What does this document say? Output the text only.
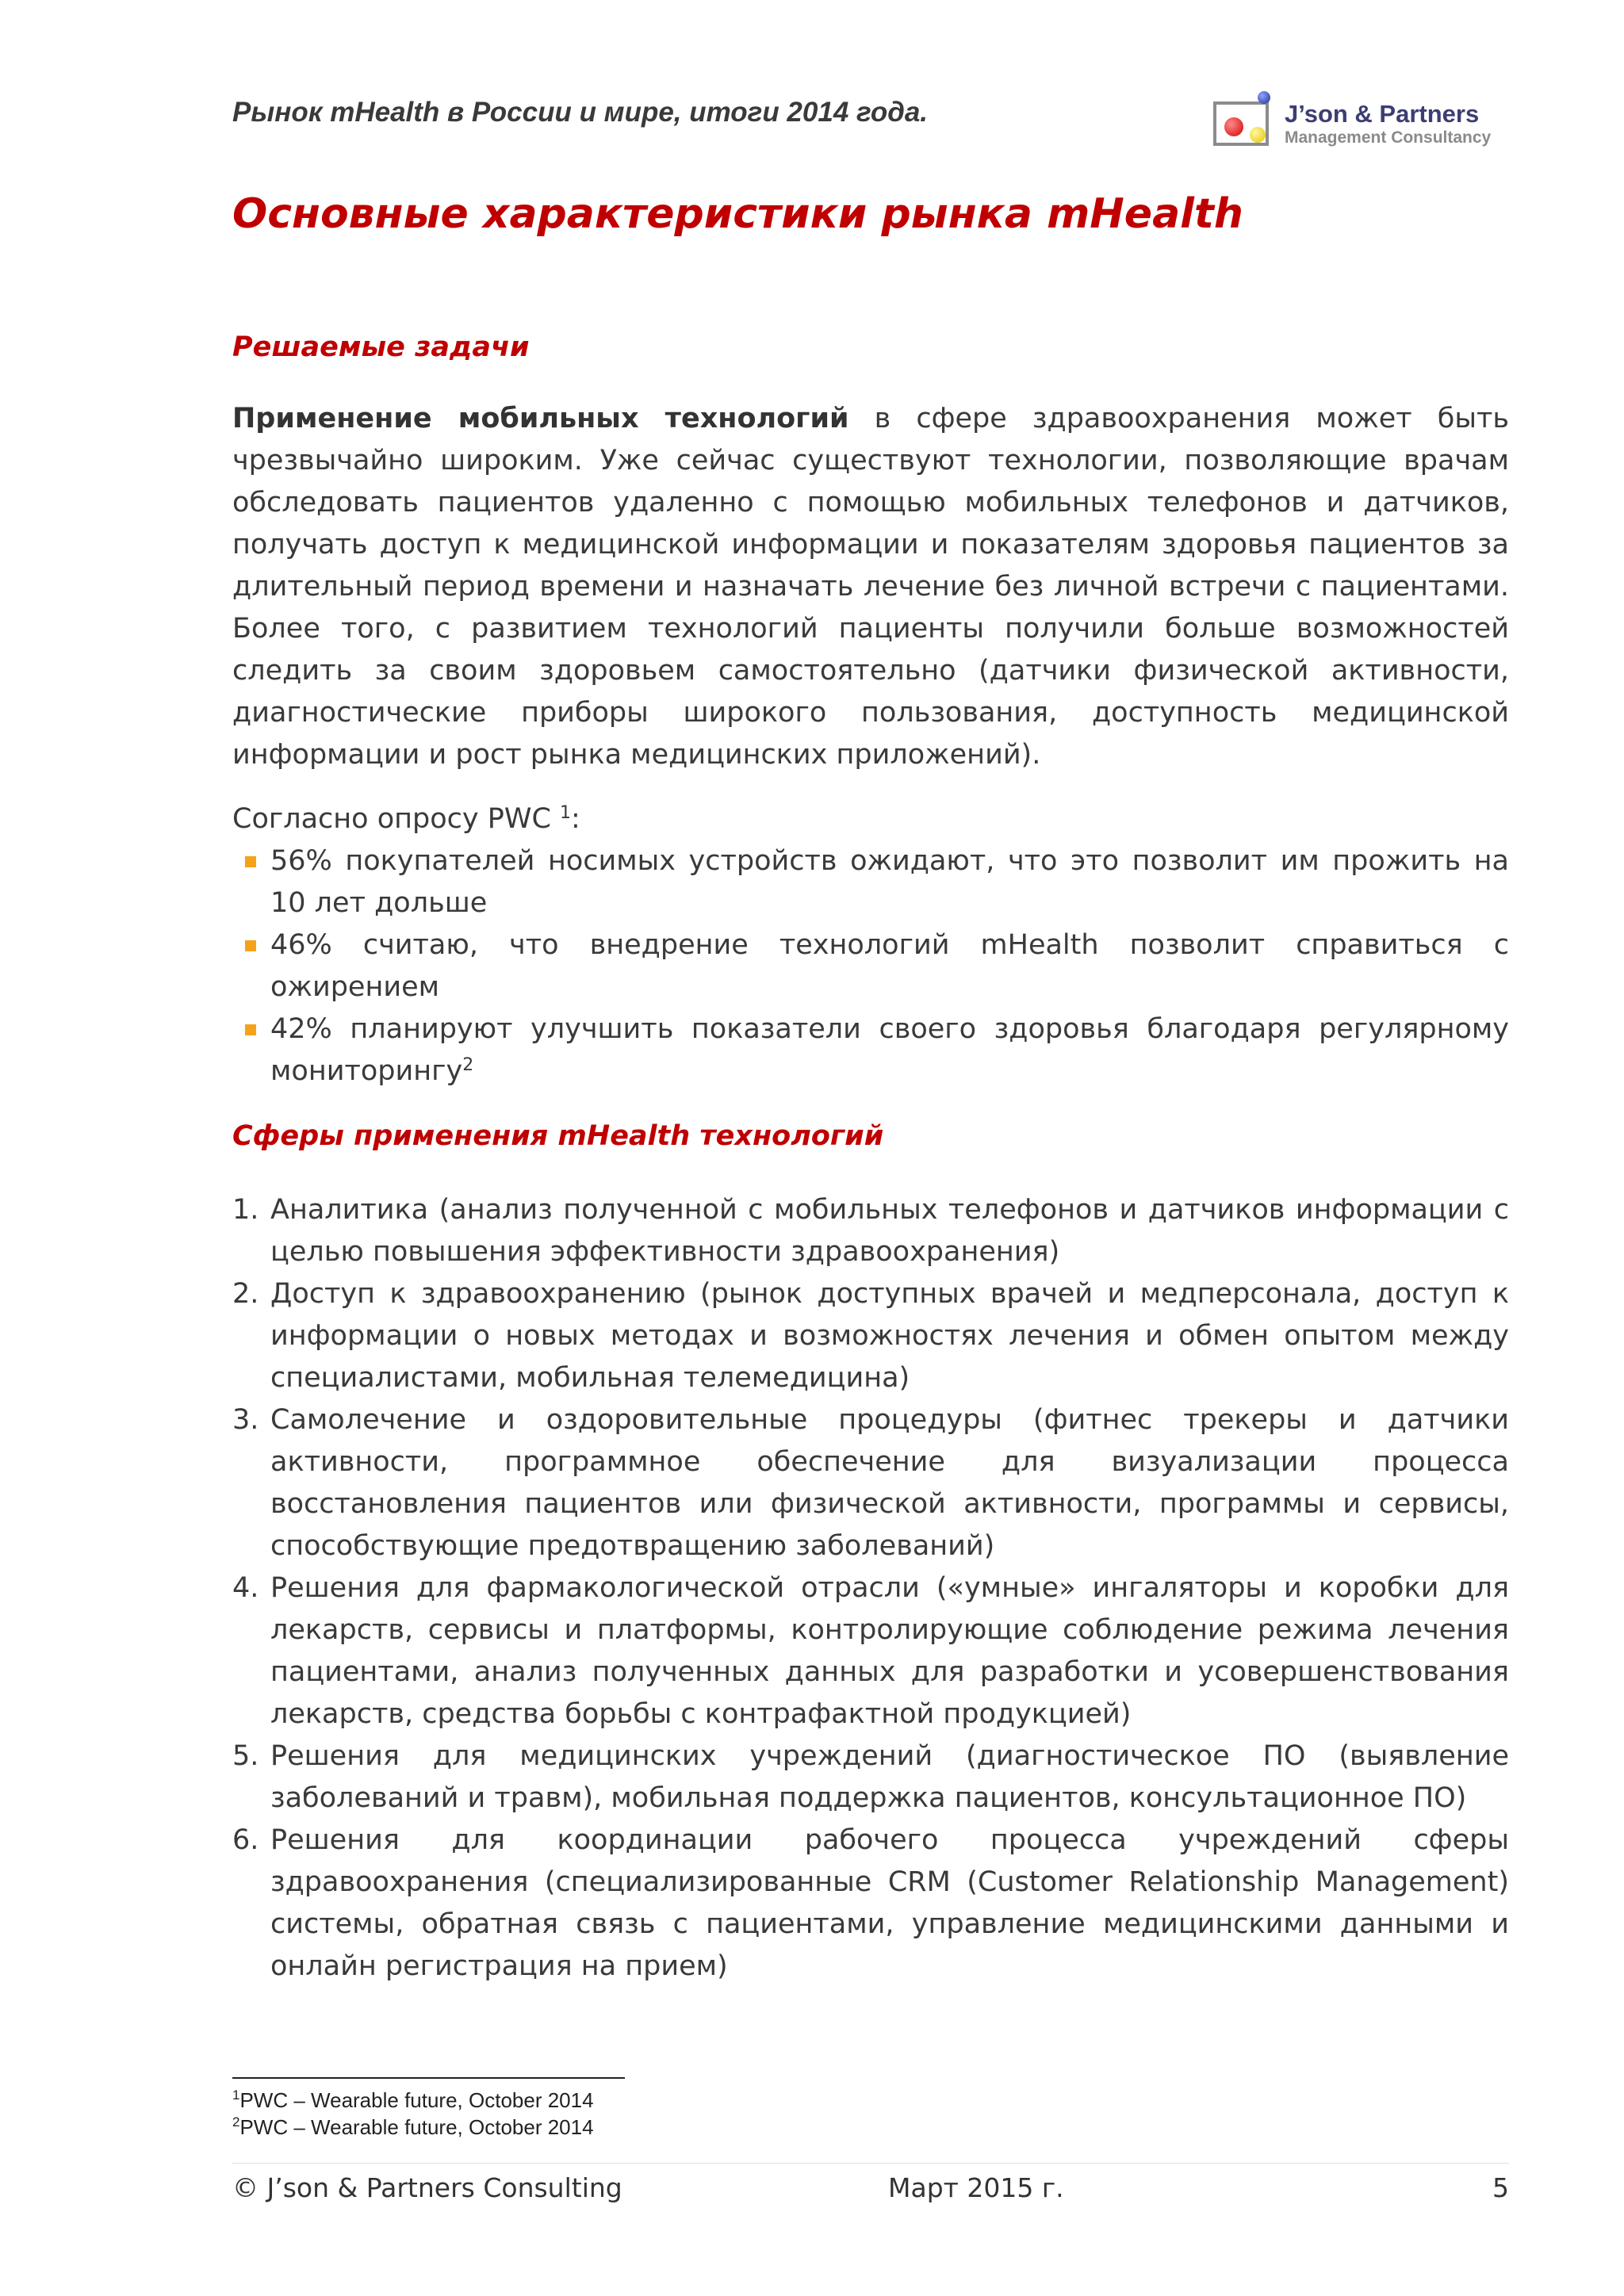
Рынок mHealth в России и мире, итоги 2014 года.	J’son & Partners
Management Consultancy
Основные характеристики рынка mHealth
Решаемые задачи
Применение мобильных технологий в сфере здравоохранения может быть чрезвычайно широким. Уже сейчас существуют технологии, позволяющие врачам обследовать пациентов удаленно с помощью мобильных телефонов и датчиков, получать доступ к медицинской информации и показателям здоровья пациентов за длительный период времени и назначать лечение без личной встречи с пациентами. Более того, с развитием технологий пациенты получили больше возможностей следить за своим здоровьем самостоятельно (датчики физической активности, диагностические приборы широкого пользования, доступность медицинской информации и рост рынка медицинских приложений).
Согласно опросу PWC $^1$:
56% покупателей носимых устройств ожидают, что это позволит им прожить на 10 лет дольше
46% считаю, что внедрение технологий mHealth позволит справиться с ожирением
42% планируют улучшить показатели своего здоровья благодаря регулярному мониторингу$^2$
Сферы применения mHealth технологий
1. Аналитика (анализ полученной с мобильных телефонов и датчиков информации с целью повышения эффективности здравоохранения)
2. Доступ к здравоохранению (рынок доступных врачей и медперсонала, доступ к информации о новых методах и возможностях лечения и обмен опытом между специалистами, мобильная телемедицина)
3. Самолечение и оздоровительные процедуры (фитнес трекеры и датчики активности, программное обеспечение для визуализации процесса восстановления пациентов или физической активности, программы и сервисы, способствующие предотвращению заболеваний)
4. Решения для фармакологической отрасли («умные» ингаляторы и коробки для лекарств, сервисы и платформы, контролирующие соблюдение режима лечения пациентами, анализ полученных данных для разработки и усовершенствования лекарств, средства борьбы с контрафактной продукцией)
5. Решения для медицинских учреждений (диагностическое ПО (выявление заболеваний и травм), мобильная поддержка пациентов, консультационное ПО)
6. Решения для координации рабочего процесса учреждений сферы здравоохранения (специализированные CRM (Customer Relationship Management) системы, обратная связь с пациентами, управление медицинскими данными и онлайн регистрация на прием)
$^1$PWC – Wearable future, October 2014
$^2$PWC – Wearable future, October 2014
© J’son & Partners Consulting	Март 2015 г.	5
